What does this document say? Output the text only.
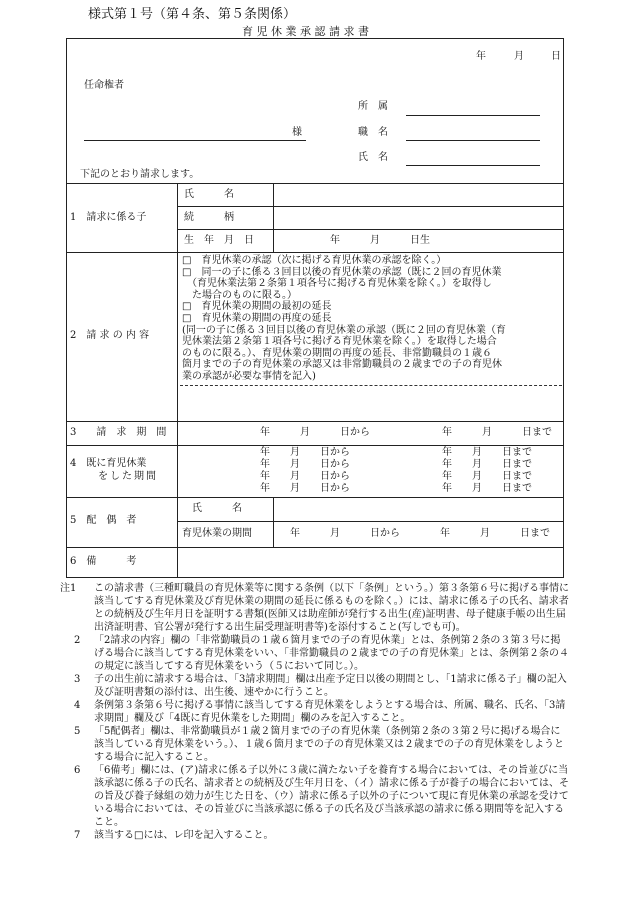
様式第１号（第４条、第５条関係）
育 児 休 業 承 認 請 求 書
年	月	日
任命権者
所　属
様	職　名
氏　名
下記のとおり請求します。
1　請求に係る子
氏　　　名
続　　　柄
生　年　月　日	年　　　月　　　日生
2　請 求 の 内 容
□　育児休業の承認（次に掲げる育児休業の承認を除く。）
□　同一の子に係る３回目以後の育児休業の承認（既に２回の育児休業
　（育児休業法第２条第１項各号に掲げる育児休業を除く。）を取得し
　た場合のものに限る。）
□　育児休業の期間の最初の延長
□　育児休業の期間の再度の延長
(同一の子に係る３回目以後の育児休業の承認（既に２回の育児休業（育
児休業法第２条第１項各号に掲げる育児休業を除く。）を取得した場合
のものに限る。）、育児休業の期間の再度の延長、非常勤職員の１歳６
箇月までの子の育児休業の承認又は非常勤職員の２歳までの子の育児休
業の承認が必要な事情を記入)
3　　請　求　期　間	年　　　月　　　日から	年　　　月　　　日まで
4　既に育児休業
をした期間
年　　月　　日から	年　　月　　日まで
年　　月　　日から	年　　月　　日まで
年　　月　　日から	年　　月　　日まで
年　　月　　日から	年　　月　　日まで
5　配　偶　者
氏　　　名
育児休業の期間	年　　　月　　　日から　　　　年　　　月　　　日まで
6　備　　　考
注1 この請求書（三種町職員の育児休業等に関する条例（以下「条例」という。）第３条第６号に掲げる事情に該当してする育児休業及び育児休業の期間の延長に係るものを除く。）には、請求に係る子の氏名、請求者との続柄及び生年月日を証明する書類(医師又は助産師が発行する出生(産)証明書、母子健康手帳の出生届出済証明書、官公署が発行する出生届受理証明書等)を添付すること(写しでも可)。
2 「2請求の内容」欄の「非常勤職員の１歳６箇月までの子の育児休業」とは、条例第２条の３第３号に掲げる場合に該当してする育児休業をいい、「非常勤職員の２歳までの子の育児休業」とは、条例第２条の４の規定に該当してする育児休業をいう（５において同じ。）。
3 子の出生前に請求する場合は、「3請求期間」欄は出産予定日以後の期間とし、「1請求に係る子」欄の記入及び証明書類の添付は、出生後、速やかに行うこと。
4 条例第３条第６号に掲げる事情に該当してする育児休業をしようとする場合は、所属、職名、氏名、「3請求期間」欄及び「4既に育児休業をした期間」欄のみを記入すること。
5 「5配偶者」欄は、非常勤職員が１歳２箇月までの子の育児休業（条例第２条の３第２号に掲げる場合に該当している育児休業をいう。）、１歳６箇月までの子の育児休業又は２歳までの子の育児休業をしようとする場合に記入すること。
6 「6備考」欄には、(ア)請求に係る子以外に３歳に満たない子を養育する場合においては、その旨並びに当該承認に係る子の氏名、請求者との続柄及び生年月日を、（イ）請求に係る子が養子の場合においては、その旨及び養子縁組の効力が生じた日を、（ウ）請求に係る子以外の子について現に育児休業の承認を受けている場合においては、その旨並びに当該承認に係る子の氏名及び当該承認の請求に係る期間等を記入すること。
7 該当する□には、レ印を記入すること。
